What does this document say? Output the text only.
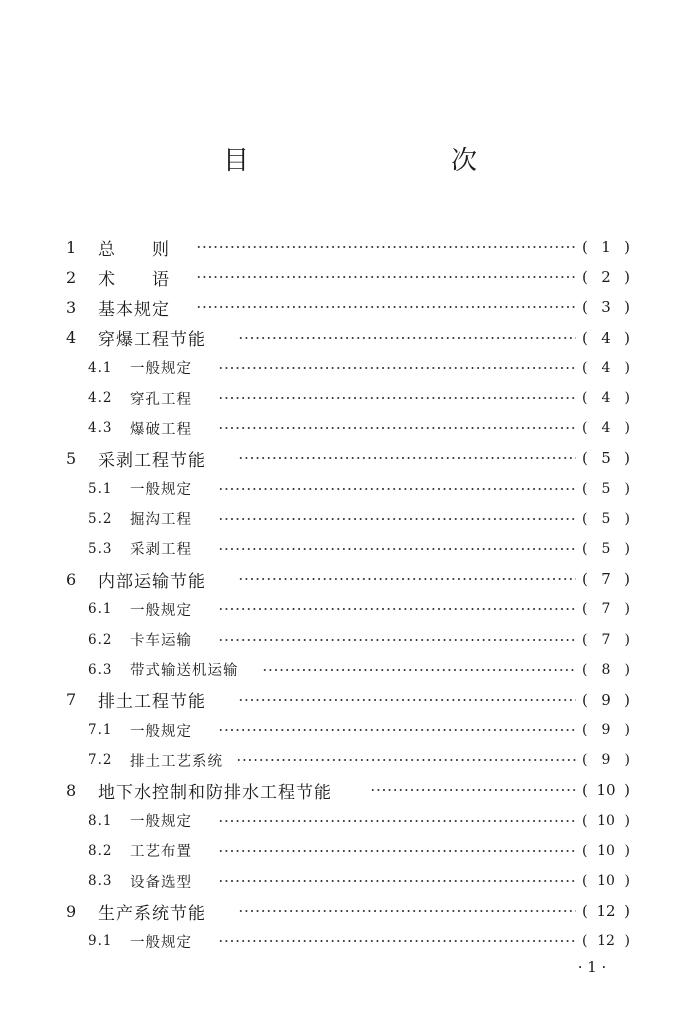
目　　次
1 总　　则	( 1 )
2 术　　语	( 2 )
3 基本规定	( 3 )
4 穿爆工程节能	( 4 )
4.1 一般规定	( 4 )
4.2 穿孔工程	( 4 )
4.3 爆破工程	( 4 )
5 采剥工程节能	( 5 )
5.1 一般规定	( 5 )
5.2 掘沟工程	( 5 )
5.3 采剥工程	( 5 )
6 内部运输节能	( 7 )
6.1 一般规定	( 7 )
6.2 卡车运输	( 7 )
6.3 带式输送机运输	( 8 )
7 排土工程节能	( 9 )
7.1 一般规定	( 9 )
7.2 排土工艺系统	( 9 )
8 地下水控制和防排水工程节能	( 10 )
8.1 一般规定	( 10 )
8.2 工艺布置	( 10 )
8.3 设备选型	( 10 )
9 生产系统节能	( 12 )
9.1 一般规定	( 12 )
· 1 ·
